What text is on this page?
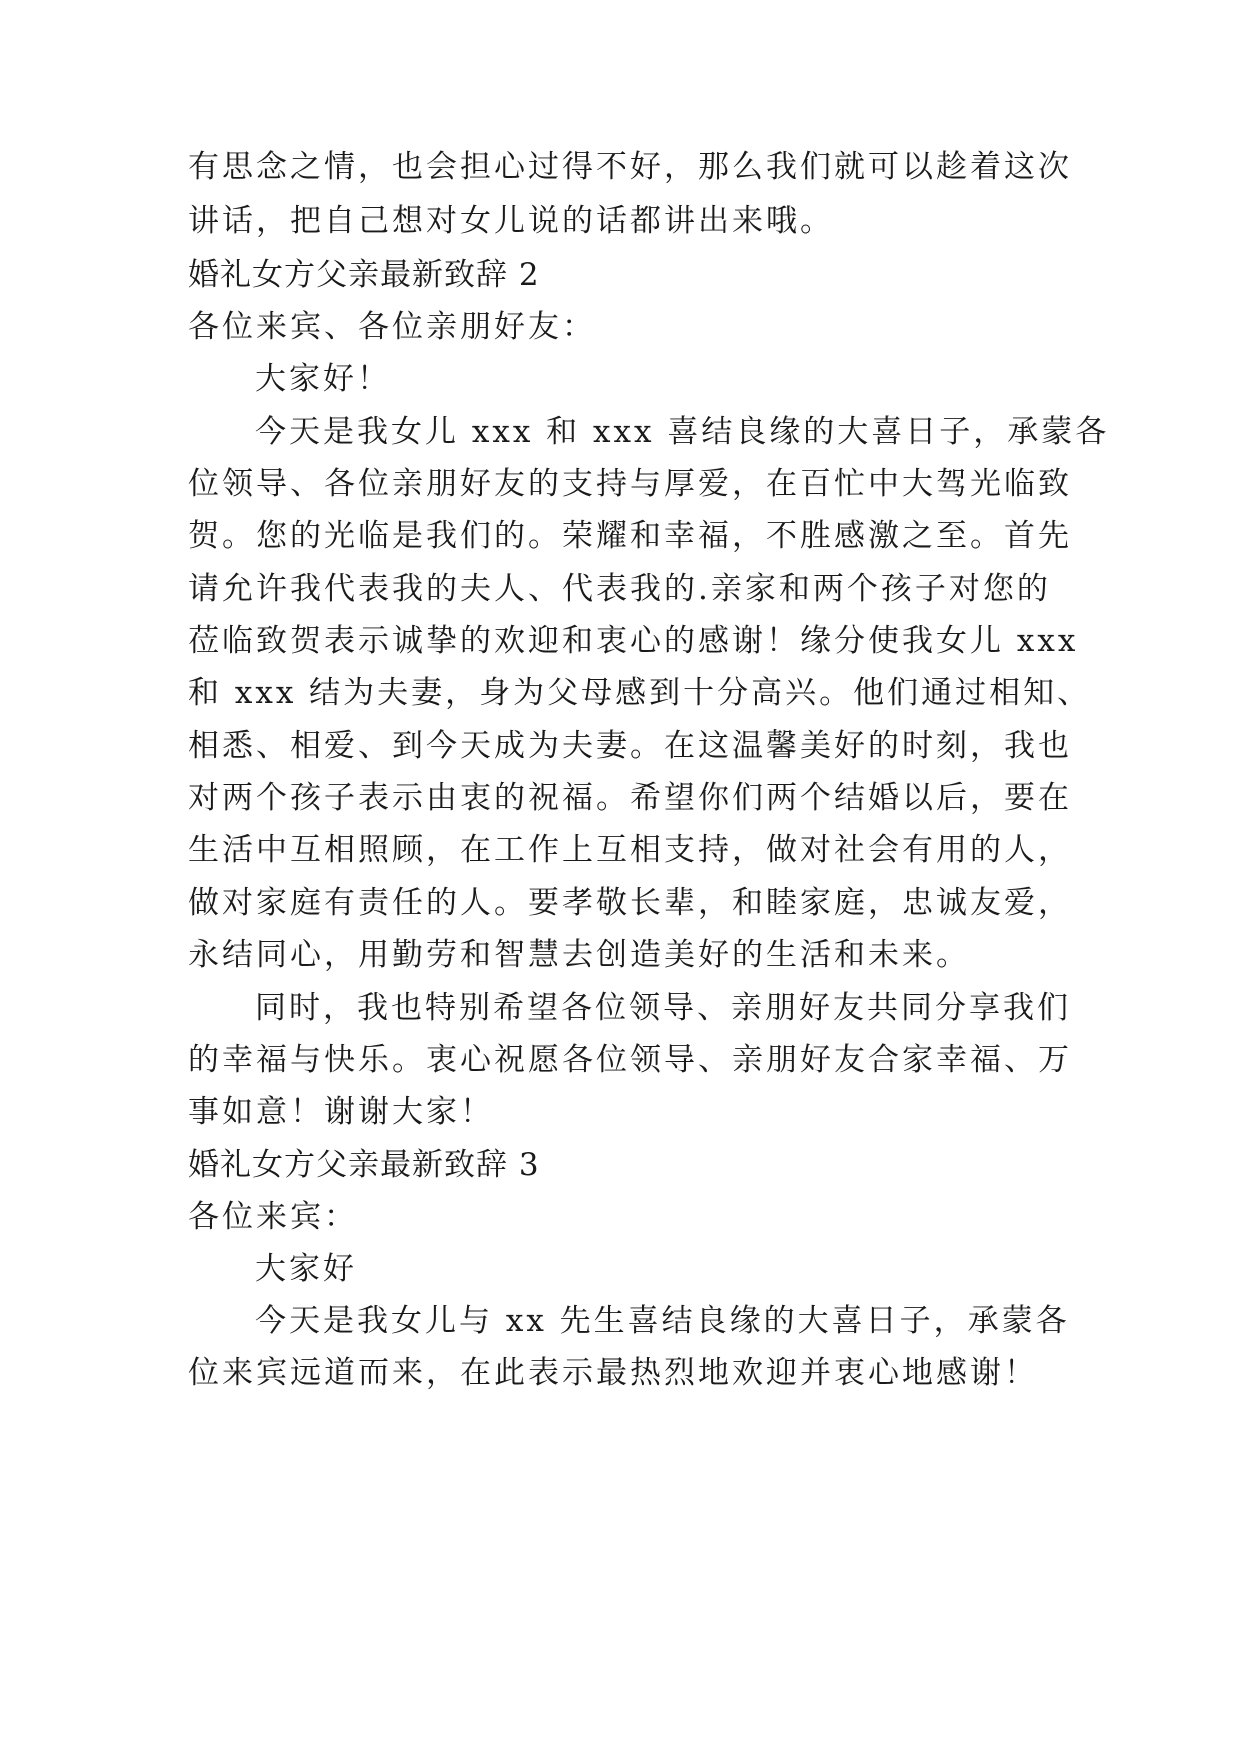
有思念之情，也会担心过得不好，那么我们就可以趁着这次

讲话，把自己想对女儿说的话都讲出来哦。

婚礼女方父亲最新致辞 2

各位来宾、各位亲朋好友：

大家好！

今天是我女儿 xxx 和 xxx 喜结良缘的大喜日子，承蒙各

位领导、各位亲朋好友的支持与厚爱，在百忙中大驾光临致

贺。您的光临是我们的。荣耀和幸福，不胜感激之至。首先

请允许我代表我的夫人、代表我的.亲家和两个孩子对您的

莅临致贺表示诚挚的欢迎和衷心的感谢！缘分使我女儿 xxx

和 xxx 结为夫妻，身为父母感到十分高兴。他们通过相知、

相悉、相爱、到今天成为夫妻。在这温馨美好的时刻，我也

对两个孩子表示由衷的祝福。希望你们两个结婚以后，要在

生活中互相照顾，在工作上互相支持，做对社会有用的人，

做对家庭有责任的人。要孝敬长辈，和睦家庭，忠诚友爱，

永结同心，用勤劳和智慧去创造美好的生活和未来。

同时，我也特别希望各位领导、亲朋好友共同分享我们

的幸福与快乐。衷心祝愿各位领导、亲朋好友合家幸福、万

事如意！谢谢大家！

婚礼女方父亲最新致辞 3

各位来宾：

大家好

今天是我女儿与 xx 先生喜结良缘的大喜日子，承蒙各

位来宾远道而来，在此表示最热烈地欢迎并衷心地感谢！
